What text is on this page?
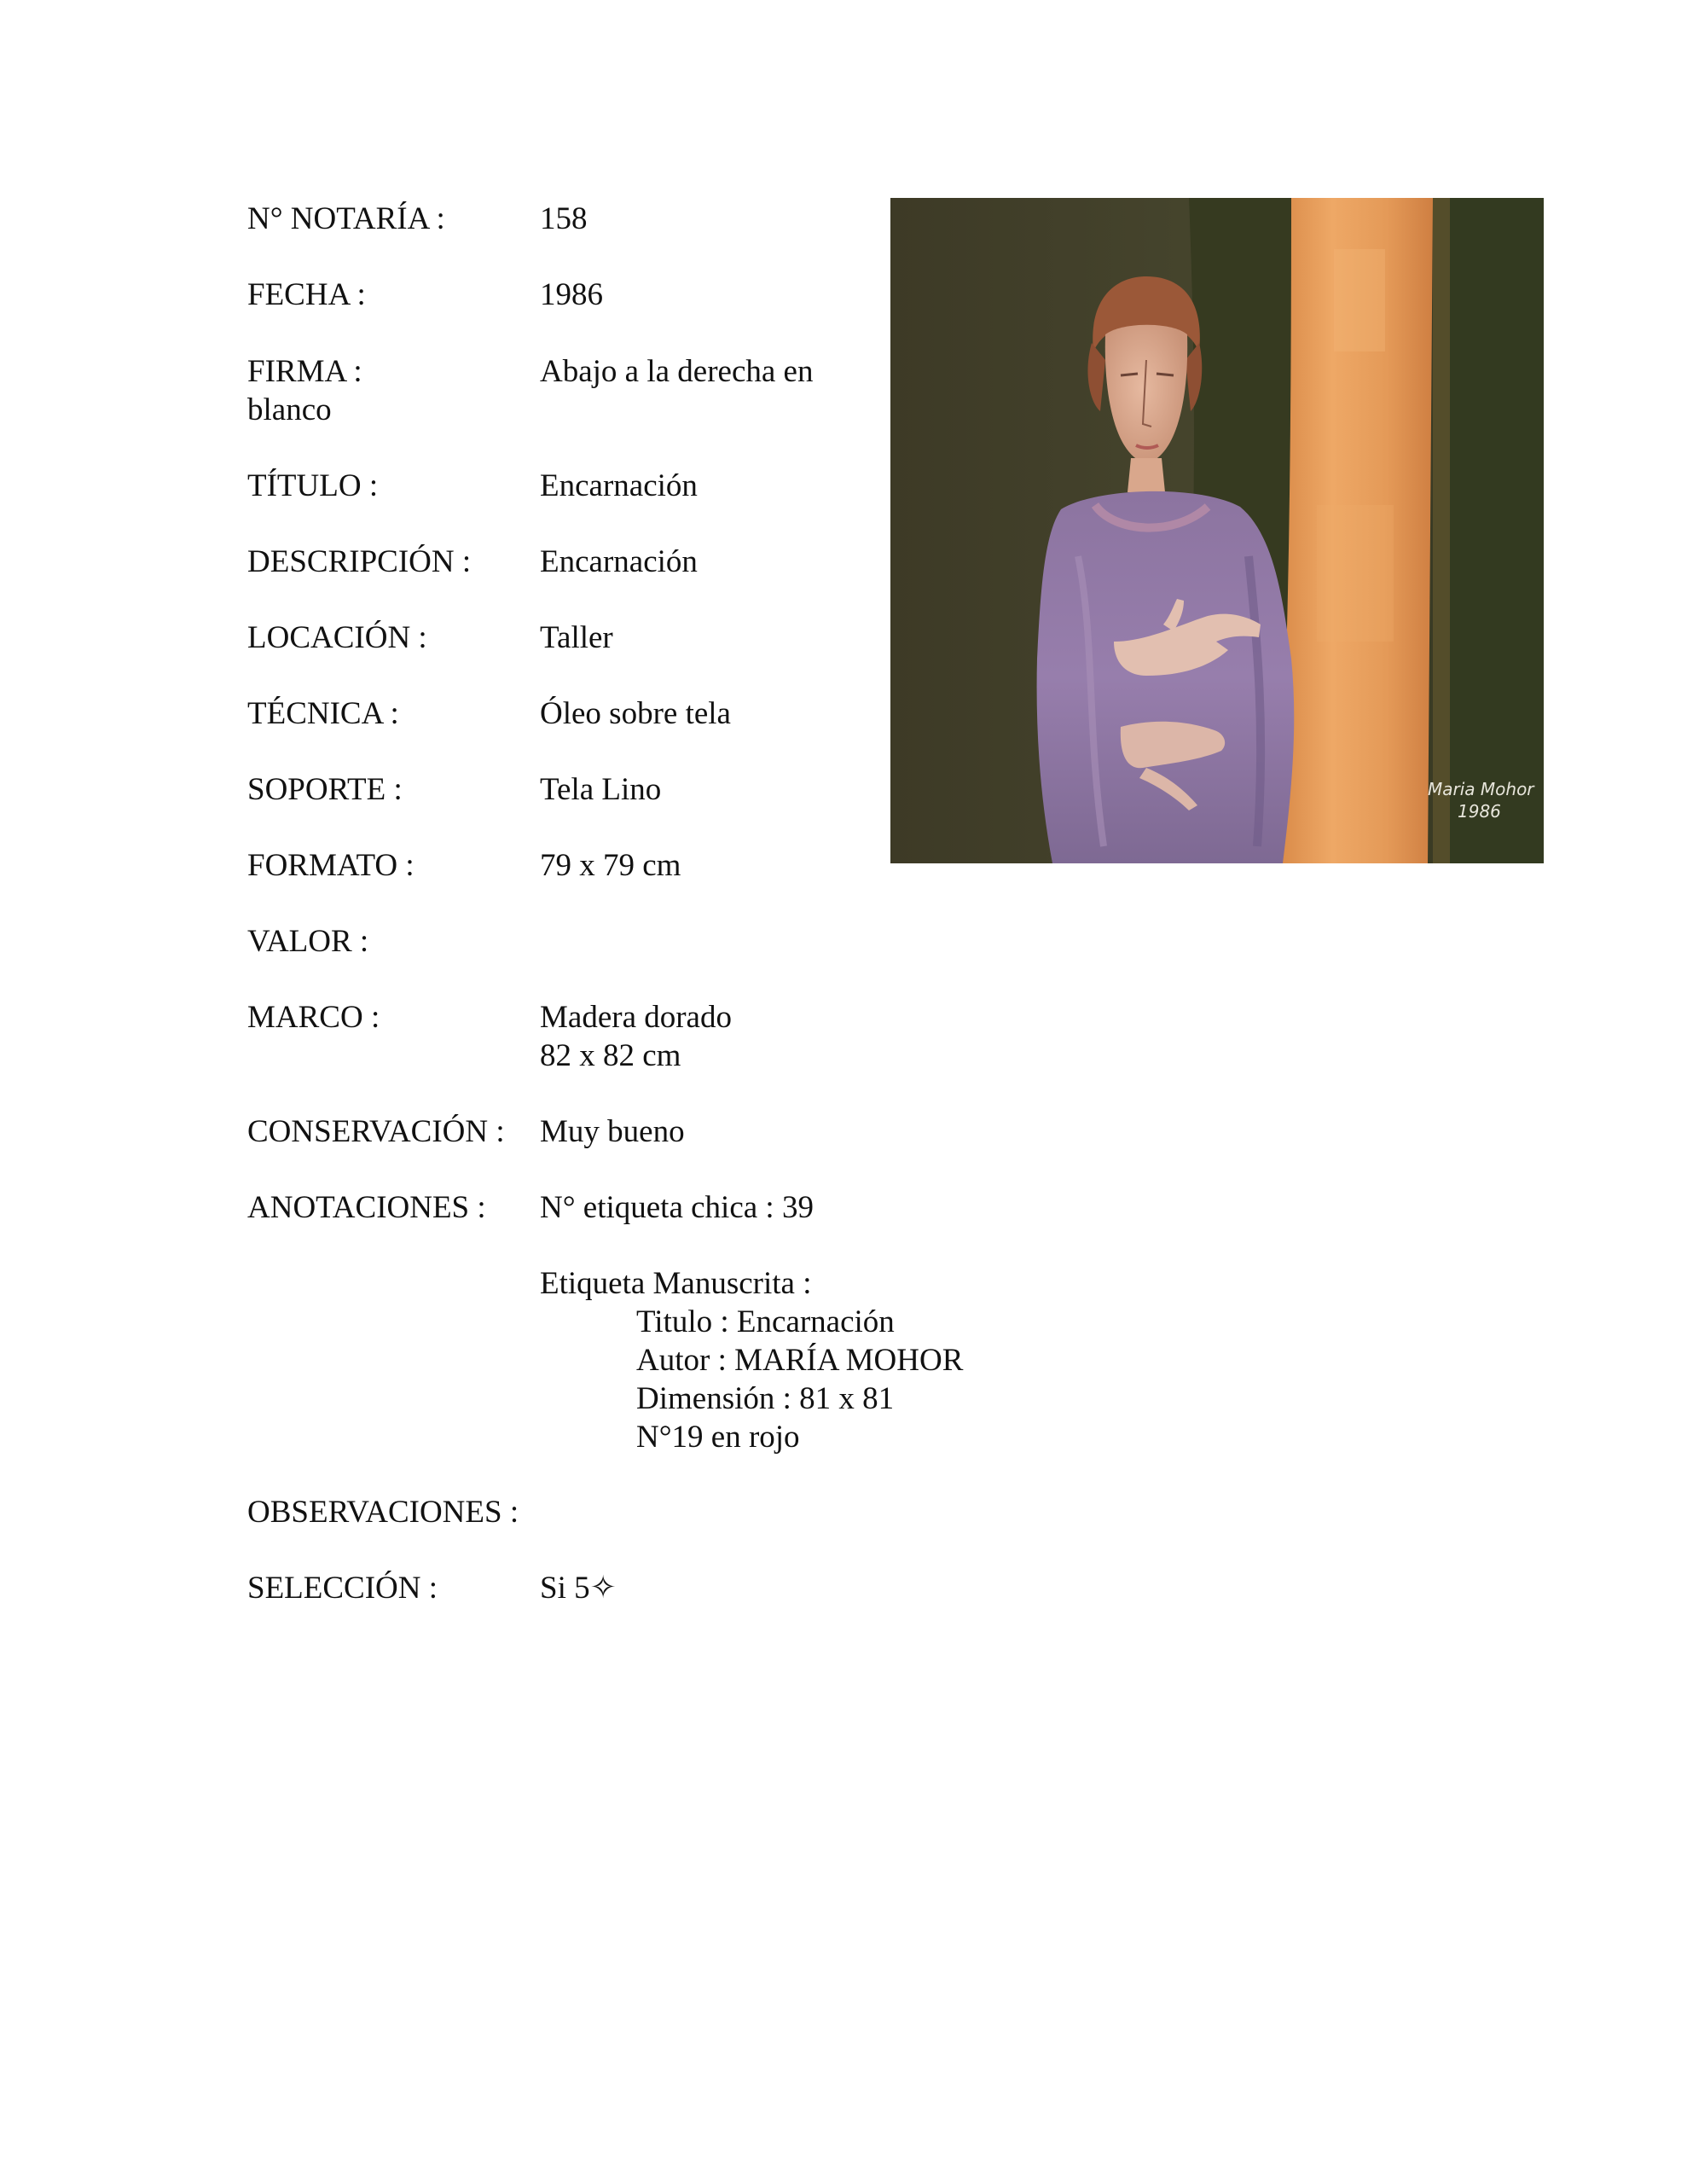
N° NOTARÍA :	158
FECHA :	1986
FIRMA :	Abajo a la derecha en
blanco
TÍTULO :	Encarnación
DESCRIPCIÓN : Encarnación
LOCACIÓN :	Taller
TÉCNICA :	Óleo sobre tela
SOPORTE :	Tela Lino
FORMATO :	79 x 79 cm
VALOR :
MARCO :	Madera dorado
82 x 82 cm
CONSERVACIÓN : Muy bueno
ANOTACIONES : N° etiqueta chica : 39
Etiqueta Manuscrita :
Titulo : Encarnación
Autor : MARÍA MOHOR
Dimensión : 81 x 81
N°19 en rojo
OBSERVACIONES :
SELECCIÓN :	Si 5✧
Maria Mohor
1986
